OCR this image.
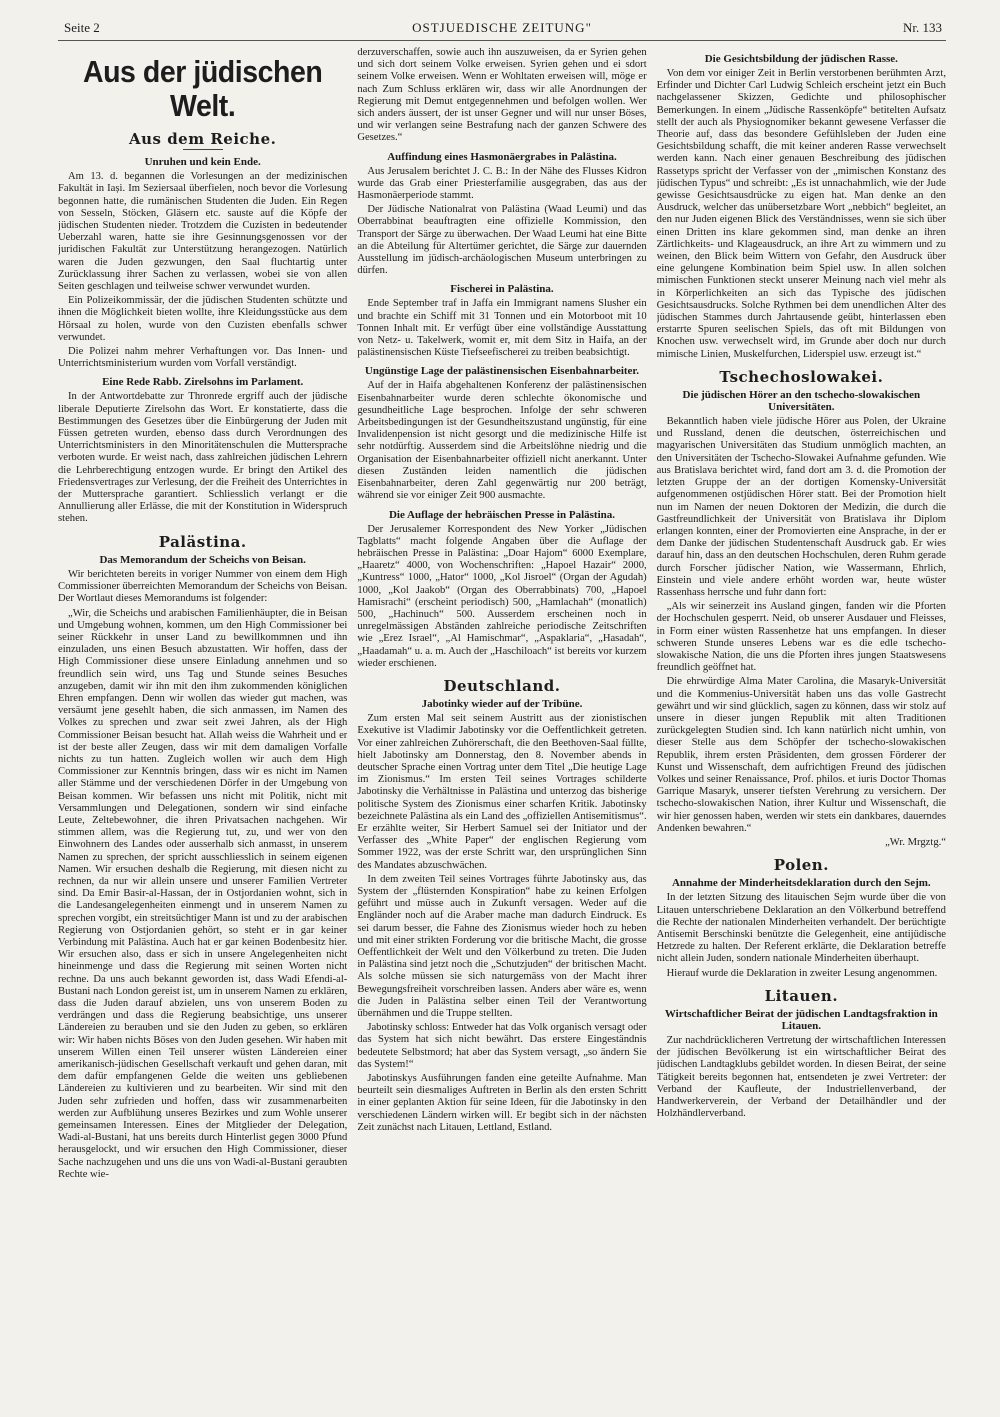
Seite 2	OSTJUEDISCHE ZEITUNG"	Nr. 133
Aus der jüdischen Welt.
Aus dem Reiche.
Unruhen und kein Ende.

Am 13. d. begannen die Vorlesungen an der medizinischen Fakultät in Iași. Im Seziersaal überfielen, noch bevor die Vorlesung begonnen hatte, die rumänischen Studenten die Juden. Ein Regen von Sesseln, Stöcken, Gläsern etc. sauste auf die Köpfe der jüdischen Studenten nieder. Trotzdem die Cuzisten in bedeutender Ueberzahl waren, hatte sie ihre Gesinnungsgenossen vor der juridischen Fakultät zur Unterstützung herangezogen. Natürlich waren die Juden gezwungen, den Saal fluchtartig unter Zurücklassung ihrer Sachen zu verlassen, wobei sie von allen Seiten geschlagen und teilweise schwer verwundet wurden.

Ein Polizeikommissär, der die jüdischen Studenten schützte und ihnen die Möglichkeit bieten wollte, ihre Kleidungsstücke aus dem Hörsaal zu holen, wurde von den Cuzisten ebenfalls schwer verwundet.

Die Polizei nahm mehrer Verhaftungen vor. Das Innen- und Unterrichtsministerium wurden vom Vorfall verständigt.

Eine Rede Rabb. Zirelsohns im Parlament.

In der Antwortdebatte zur Thronrede ergriff auch der jüdische liberale Deputierte Zirelsohn das Wort. Er konstatierte, dass die Bestimmungen des Gesetzes über die Einbürgerung der Juden mit Füssen getreten wurden, ebenso dass durch Verordnungen des Unterrichtsministers in den Minoritätenschulen die Muttersprache verboten wurde. Er weist nach, dass zahlreichen jüdischen Lehrern die Lehrberechtigung entzogen wurde. Er bringt den Artikel des Friedensvertrages zur Verlesung, der die Freiheit des Unterrichtes in der Muttersprache garantiert. Schliesslich verlangt er die Annullierung aller Erlässe, die mit der Konstitution in Widerspruch stehen.

Palästina.
Das Memorandum der Scheichs von Beisan.

Wir berichteten bereits in voriger Nummer von einem dem High Commissioner überreichten Memorandum der Scheichs von Beisan. Der Wortlaut dieses Memorandums ist folgender:

„Wir, die Scheichs und arabischen Familienhäupter, die in Beisan und Umgebung wohnen, kommen, um den High Commissioner bei seiner Rückkehr in unser Land zu bewillkommnen und ihn einzuladen, uns einen Besuch abzustatten. Wir hoffen, dass der High Commissioner diese unsere Einladung annehmen und so freundlich sein wird, uns Tag und Stunde seines Besuches anzugeben, damit wir ihn mit den ihm zukommenden königlichen Ehren empfangen. Denn wir wollen das wieder gut machen, was versäumt jene gesehlt haben, die sich anmassen, im Namen des Volkes zu sprechen und zwar seit zwei Jahren, als der High Commissioner Beisan besucht hat. Allah weiss die Wahrheit und er ist der beste aller Zeugen, dass wir mit dem damaligen Vorfalle nichts zu tun hatten. Zugleich wollen wir auch dem High Commissioner zur Kenntnis bringen, dass wir es nicht im Namen aller Stämme und der verschiedenen Dörfer in der Umgebung von Beisan kommen. Wir befassen uns nicht mit Politik, nicht mit Versammlungen und Delegationen, sondern wir sind einfache Leute, Zeltebewohner, die ihren Privatsachen nachgehen. Wir stimmen allem, was die Regierung tut, zu, und wer von den Einwohnern des Landes oder ausserhalb sich anmasst, in unserem Namen zu sprechen, der spricht ausschliesslich in seinem eigenen Namen. Wir ersuchen deshalb die Regierung, mit diesen nicht zu rechnen, da nur wir allein unsere und unserer Familien Vertreter sind. Da Emir Basir-al-Hassan, der in Ostjordanien wohnt, sich in die Landesangelegenheiten einmengt und in unserem Namen zu sprechen vorgibt, ein streitsüchtiger Mann ist und zu der arabischen Regierung von Ostjordanien gehört, so steht er in gar keiner Verbindung mit Palästina. Auch hat er gar keinen Bodenbesitz hier. Wir ersuchen also, dass er sich in unsere Angelegenheiten nicht hineinmenge und dass die Regierung mit seinen Worten nicht rechne. Da uns auch bekannt geworden ist, dass Wadi Efendi-al-Bustani nach London gereist ist, um in unserem Namen zu erklären, dass die Juden darauf abzielen, uns von unserem Boden zu verdrängen und dass die Regierung beabsichtige, uns unserer Ländereien zu berauben und sie den Juden zu geben, so erklären wir: Wir haben nichts Böses von den Juden gesehen. Wir haben mit unserem Willen einen Teil unserer wüsten Ländereien einer amerikanisch-jüdischen Gesellschaft verkauft und gehen daran, mit dem dafür empfangenen Gelde die weiten uns gebliebenen Ländereien zu kultivieren und zu bearbeiten. Wir sind mit den Juden sehr zufrieden und hoffen, dass wir zusammenarbeiten werden zur Aufblühung unseres Bezirkes und zum Wohle unserer gemeinsamen Interessen. Eines der Mitglieder der Delegation, Wadi-al-Bustani, hat uns bereits durch Hinterlist gegen 3000 Pfund herausgelockt, und wir ersuchen den High Commissioner, dieser Sache nachzugehen und uns die uns von Wadi-al-Bustani geraubten Rechte wie-

derzuverschaffen, sowie auch ihn auszuweisen, da er Syrien gehen und sich dort seinem Volke erweisen. Syrien gehen und ei sdort seinem Volke erweisen. Wenn er Wohltaten erweisen will, möge er nach Zum Schluss erklären wir, dass wir alle Anordnungen der Regierung mit Demut entgegennehmen und befolgen wollen. Wer sich anders äussert, der ist unser Gegner und will nur unser Böses, und wir verlangen seine Bestrafung nach der ganzen Schwere des Gesetzes.“

Auffindung eines Hasmonäergrabes in Palästina.

Aus Jerusalem berichtet J. C. B.: In der Nähe des Flusses Kidron wurde das Grab einer Priesterfamilie ausgegraben, das aus der Hasmonäerperiode stammt.

Der Jüdische Nationalrat von Palästina (Waad Leumi) und das Oberrabbinat beauftragten eine offizielle Kommission, den Transport der Särge zu überwachen. Der Waad Leumi hat eine Bitte an die Abteilung für Altertümer gerichtet, die Särge zur dauernden Ausstellung im jüdisch-archäologischen Museum unterbringen zu dürfen.

Fischerei in Palästina.

Ende September traf in Jaffa ein Immigrant namens Slusher ein und brachte ein Schiff mit 31 Tonnen und ein Motorboot mit 10 Tonnen Inhalt mit. Er verfügt über eine vollständige Ausstattung von Netz- u. Takelwerk, womit er, mit dem Sitz in Haifa, an der palästinensischen Küste Tiefseefischerei zu treiben beabsichtigt.

Ungünstige Lage der palästinensischen Eisenbahnarbeiter.

Auf der in Haifa abgehaltenen Konferenz der palästinensischen Eisenbahnarbeiter wurde deren schlechte ökonomische und gesundheitliche Lage besprochen. Infolge der sehr schweren Arbeitsbedingungen ist der Gesundheitszustand ungünstig, für eine Invalidenpension ist nicht gesorgt und die medizinische Hilfe ist sehr notdürftig. Ausserdem sind die Arbeitslöhne niedrig und die Organisation der Eisenbahnarbeiter offiziell nicht anerkannt. Unter diesen Zuständen leiden namentlich die jüdischen Eisenbahnarbeiter, deren Zahl gegenwärtig nur 200 beträgt, während sie vor einiger Zeit 900 ausmachte.

Die Auflage der hebräischen Presse in Palästina.

Der Jerusalemer Korrespondent des New Yorker „Jüdischen Tagblatts“ macht folgende Angaben über die Auflage der hebräischen Presse in Palästina: „Doar Hajom“ 6000 Exemplare, „Haaretz“ 4000, von Wochenschriften: „Hapoel Hazair“ 2000, „Kuntress“ 1000, „Hator“ 1000, „Kol Jisroel“ (Organ der Agudah) 1000, „Kol Jaakob“ (Organ des Oberrabbinats) 700, „Hapoel Hamisrachi“ (erscheint periodisch) 500, „Hamlachah“ (monatlich) 500, „Hachinuch“ 500. Ausserdem erscheinen noch in unregelmässigen Abständen zahlreiche periodische Zeitschriften wie „Erez Israel“, „Al Hamischmar“, „Aspaklaria“, „Hasadah“, „Haadamah“ u. a. m. Auch der „Haschiloach“ ist bereits vor kurzem wieder erschienen.

Deutschland.
Jabotinky wieder auf der Tribüne.

Zum ersten Mal seit seinem Austritt aus der zionistischen Exekutive ist Vladimir Jabotinsky vor die Oeffentlichkeit getreten. Vor einer zahlreichen Zuhörerschaft, die den Beethoven-Saal füllte, hielt Jabotinsky am Donnerstag, den 8. November abends in deutscher Sprache einen Vortrag unter dem Titel „Die heutige Lage im Zionismus.“ Im ersten Teil seines Vortrages schilderte Jabotinsky die Verhältnisse in Palästina und unterzog das bisherige politische System des Zionismus einer scharfen Kritik. Jabotinsky bezeichnete Palästina als ein Land des „offiziellen Antisemitismus“. Er erzählte weiter, Sir Herbert Samuel sei der Initiator und der Verfasser des „White Paper“ der englischen Regierung vom Sommer 1922, was der erste Schritt war, den ursprünglichen Sinn des Mandates abzuschwächen.

In dem zweiten Teil seines Vortrages führte Jabotinsky aus, das System der „flüsternden Konspiration“ habe zu keinen Erfolgen geführt und müsse auch in Zukunft versagen. Weder auf die Engländer noch auf die Araber mache man dadurch Eindruck. Es sei darum besser, die Fahne des Zionismus wieder hoch zu heben und mit einer strikten Forderung vor die britische Macht, die grosse Oeffentlichkeit der Welt und den Völkerbund zu treten. Die Juden in Palästina sind jetzt noch die „Schutzjuden“ der britischen Macht. Als solche müssen sie sich naturgemäss von der Macht ihrer Bewegungsfreiheit vorschreiben lassen. Anders aber wäre es, wenn die Juden in Palästina selber einen Teil der Verantwortung übernähmen und die Truppe stellten.

Jabotinsky schloss: Entweder hat das Volk organisch versagt oder das System hat sich nicht bewährt. Das erstere Eingeständnis bedeutete Selbstmord; hat aber das System versagt, „so ändern Sie das System!“

Jabotinskys Ausführungen fanden eine geteilte Aufnahme. Man beurteilt sein diesmaliges Auftreten in Berlin als den ersten Schritt in einer geplanten Aktion für seine Ideen, für die Jabotinsky in den verschiedenen Ländern wirken will. Er begibt sich in der nächsten Zeit zunächst nach Litauen, Lettland, Estland.

Die Gesichtsbildung der jüdischen Rasse.

Von dem vor einiger Zeit in Berlin verstorbenen berühmten Arzt, Erfinder und Dichter Carl Ludwig Schleich erscheint jetzt ein Buch nachgelassener Skizzen, Gedichte und philosophischer Bemerkungen. In einem „Jüdische Rassenköpfe“ betitelten Aufsatz stellt der auch als Physiognomiker bekannt gewesene Verfasser die Theorie auf, dass das besondere Gefühlsleben der Juden eine Gesichtsbildung schafft, die mit keiner anderen Rasse verwechselt werden kann. Nach einer genauen Beschreibung des jüdischen Rassetyps spricht der Verfasser von der „mimischen Konstanz des jüdischen Typus“ und schreibt: „Es ist unnachahmlich, wie der Jude gewisse Gesichtsausdrücke zu eigen hat. Man denke an den Ausdruck, welcher das unübersetzbare Wort „nebbich“ begleitet, an den nur Juden eigenen Blick des Verständnisses, wenn sie sich über einen Dritten ins klare gekommen sind, man denke an ihren Zärtlichkeits- und Klageausdruck, an ihre Art zu wimmern und zu weinen, den Blick beim Wittern von Gefahr, den Ausdruck über eine gelungene Kombination beim Spiel usw. In allen solchen mimischen Funktionen steckt unserer Meinung nach viel mehr als in Körperlichkeiten an sich das Typische des jüdischen Gesichtsausdrucks. Solche Rythmen bei dem unendlichen Alter des jüdischen Stammes durch Jahrtausende geübt, hinterlassen eben erstarrte Spuren seelischen Spiels, das oft mit Bildungen von Knochen usw. verwechselt wird, im Grunde aber doch nur durch mimische Linien, Muskelfurchen, Liderspiel usw. erzeugt ist.“

Tschechoslowakei.
Die jüdischen Hörer an den tschecho-slowakischen Universitäten.

Bekanntlich haben viele jüdische Hörer aus Polen, der Ukraine und Russland, denen die deutschen, österreichischen und magyarischen Universitäten das Studium unmöglich machten, an den Universitäten der Tschecho-Slowakei Aufnahme gefunden. Wie aus Bratislava berichtet wird, fand dort am 3. d. die Promotion der letzten Gruppe der an der dortigen Komensky-Universität aufgenommenen ostjüdischen Hörer statt. Bei der Promotion hielt nun im Namen der neuen Doktoren der Medizin, die durch die Gastfreundlichkeit der Universität von Bratislava ihr Diplom erlangen konnten, einer der Promovierten eine Ansprache, in der er dem Danke der jüdischen Studentenschaft Ausdruck gab. Er wies darauf hin, dass an den deutschen Hochschulen, deren Ruhm gerade durch Forscher jüdischer Nation, wie Wassermann, Ehrlich, Einstein und viele andere erhöht worden war, heute wüster Rassenhass herrsche und fuhr dann fort:

„Als wir seinerzeit ins Ausland gingen, fanden wir die Pforten der Hochschulen gesperrt. Neid, ob unserer Ausdauer und Fleisses, in Form einer wüsten Rassenhetze hat uns empfangen. In dieser schweren Stunde unseres Lebens war es die edle tschecho-slowakische Nation, die uns die Pforten ihres jungen Staatswesens freundlich geöffnet hat.

Die ehrwürdige Alma Mater Carolina, die Masaryk-Universität und die Kommenius-Universität haben uns das volle Gastrecht gewährt und wir sind glücklich, sagen zu können, dass wir stolz auf unsere in dieser jungen Republik mit alten Traditionen zurückgelegten Studien sind. Ich kann natürlich nicht umhin, von dieser Stelle aus dem Schöpfer der tschecho-slowakischen Republik, ihrem ersten Präsidenten, dem grossen Förderer der Kunst und Wissenschaft, dem aufrichtigen Freund des jüdischen Volkes und seiner Renaissance, Prof. philos. et iuris Doctor Thomas Garrique Masaryk, unserer tiefsten Verehrung zu versichern. Der tschecho-slowakischen Nation, ihrer Kultur und Wissenschaft, die wir hier genossen haben, werden wir stets ein dankbares, dauerndes Andenken bewahren.“

„Wr. Mrgztg.“

Polen.
Annahme der Minderheitsdeklaration durch den Sejm.

In der letzten Sitzung des litauischen Sejm wurde über die von Litauen unterschriebene Deklaration an den Völkerbund betreffend die Rechte der nationalen Minderheiten verhandelt. Der berüchtigte Antisemit Berschinski benützte die Gelegenheit, eine antijüdische Hetzrede zu halten. Der Referent erklärte, die Deklaration betreffe nicht allein Juden, sondern nationale Minderheiten überhaupt.

Hierauf wurde die Deklaration in zweiter Lesung angenommen.

Litauen.
Wirtschaftlicher Beirat der jüdischen Landtagsfraktion in Litauen.

Zur nachdrücklicheren Vertretung der wirtschaftlichen Interessen der jüdischen Bevölkerung ist ein wirtschaftlicher Beirat des jüdischen Landtagklubs gebildet worden. In diesen Beirat, der seine Tätigkeit bereits begonnen hat, entsendeten je zwei Vertreter: der Verband der Kaufleute, der Industriellenverband, der Handwerkerverein, der Verband der Detailhändler und der Holzhändlerverband.
